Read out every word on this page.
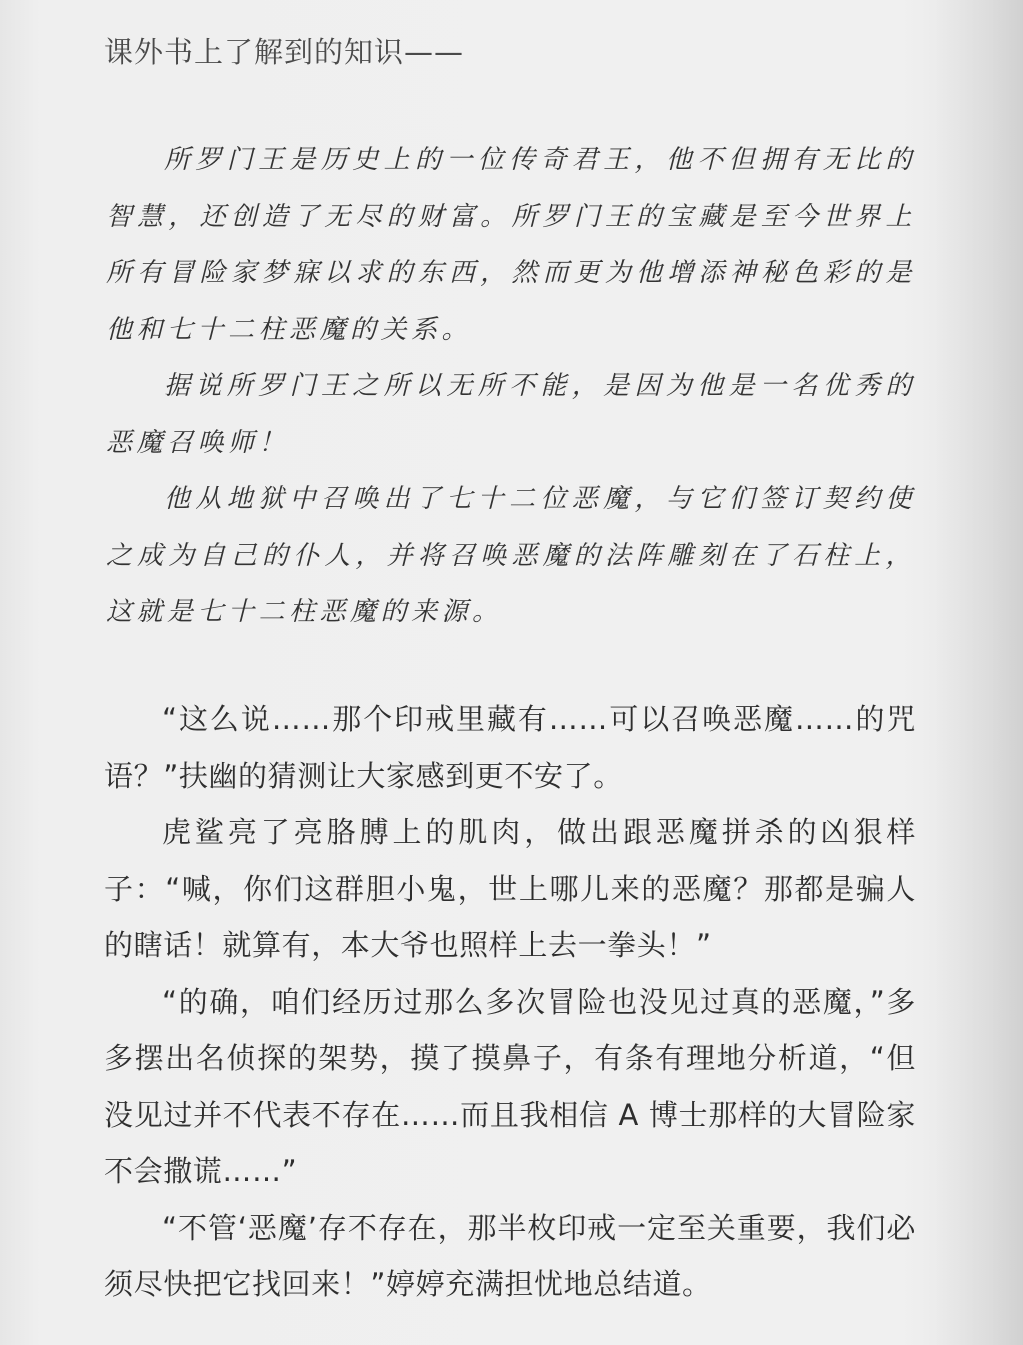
课外书上了解到的知识——

所罗门王是历史上的一位传奇君王，他不但拥有无比的智慧，还创造了无尽的财富。所罗门王的宝藏是至今世界上所有冒险家梦寐以求的东西，然而更为他增添神秘色彩的是他和七十二柱恶魔的关系。

据说所罗门王之所以无所不能，是因为他是一名优秀的恶魔召唤师！

他从地狱中召唤出了七十二位恶魔，与它们签订契约使之成为自己的仆人，并将召唤恶魔的法阵雕刻在了石柱上，这就是七十二柱恶魔的来源。

“这么说……那个印戒里藏有……可以召唤恶魔……的咒语？”扶幽的猜测让大家感到更不安了。

虎鲨亮了亮胳膊上的肌肉，做出跟恶魔拼杀的凶狠样子：“喊，你们这群胆小鬼，世上哪儿来的恶魔？那都是骗人的瞎话！就算有，本大爷也照样上去一拳头！”

“的确，咱们经历过那么多次冒险也没见过真的恶魔，”多多摆出名侦探的架势，摸了摸鼻子，有条有理地分析道，“但没见过并不代表不存在……而且我相信 A 博士那样的大冒险家不会撒谎……”

“不管‘恶魔’存不存在，那半枚印戒一定至关重要，我们必须尽快把它找回来！”婷婷充满担忧地总结道。
